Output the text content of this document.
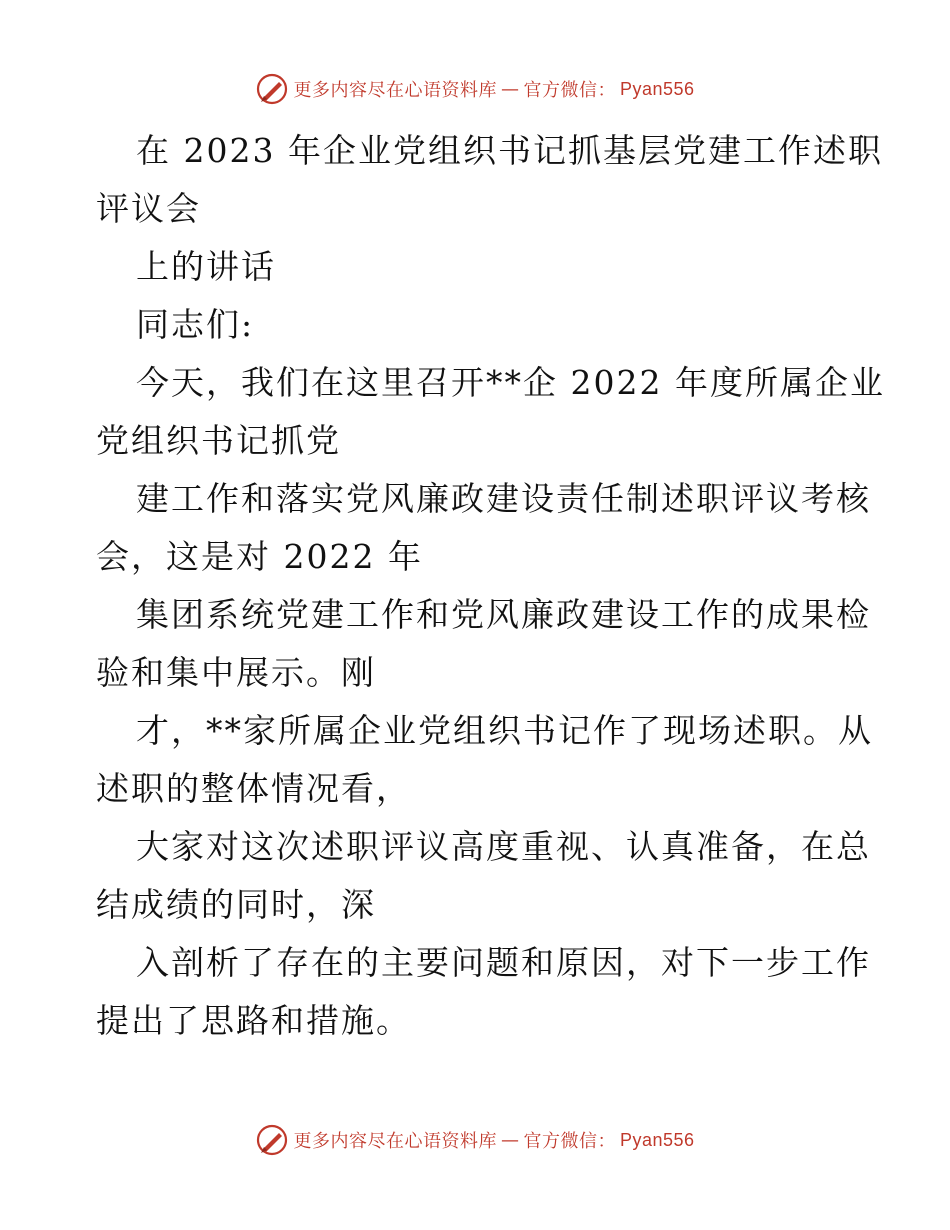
更多内容尽在心语资料库 — 官方微信： Pyan556
在 2023 年企业党组织书记抓基层党建工作述职
评议会
上的讲话
同志们:
今天，我们在这里召开**企 2022 年度所属企业
党组织书记抓党
建工作和落实党风廉政建设责任制述职评议考核
会，这是对 2022 年
集团系统党建工作和党风廉政建设工作的成果检
验和集中展示。刚
才，**家所属企业党组织书记作了现场述职。从
述职的整体情况看，
大家对这次述职评议高度重视、认真准备，在总
结成绩的同时，深
入剖析了存在的主要问题和原因，对下一步工作
提出了思路和措施。
更多内容尽在心语资料库 — 官方微信： Pyan556
